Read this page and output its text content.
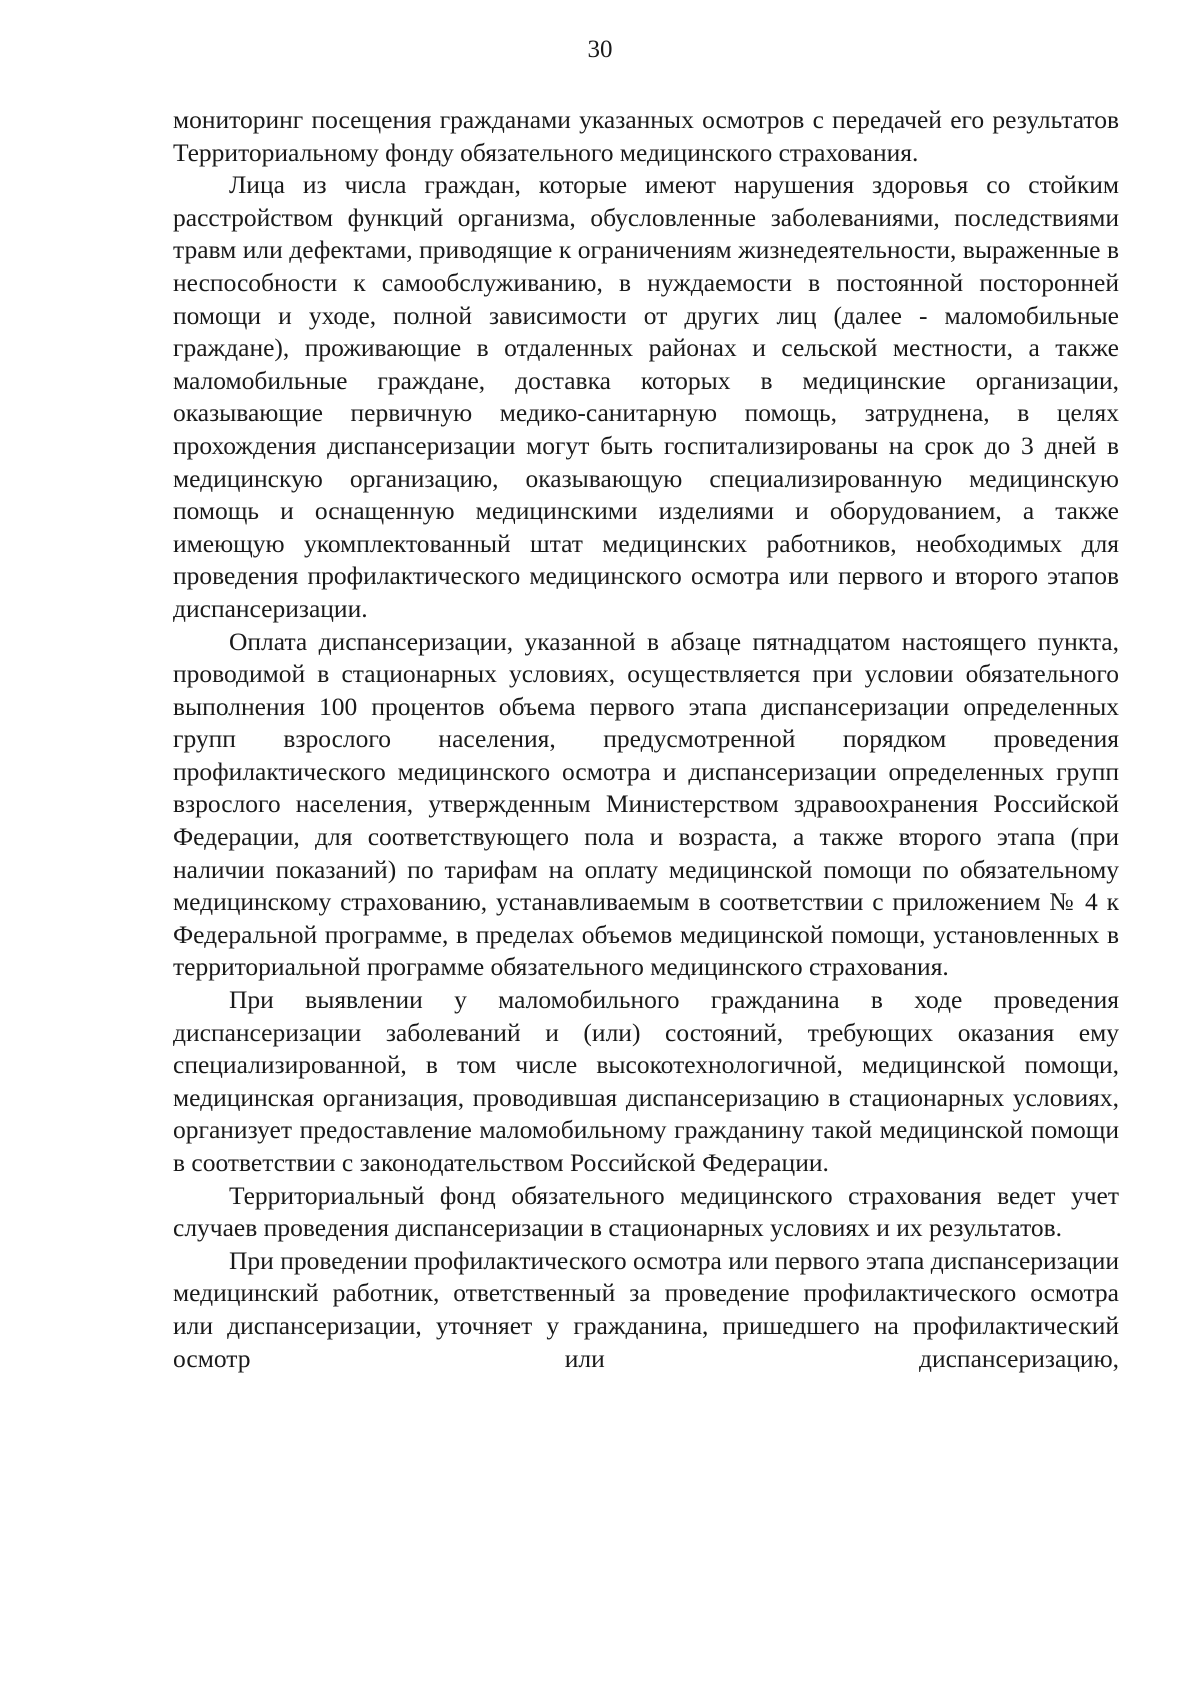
30

мониторинг посещения гражданами указанных осмотров с передачей его результатов Территориальному фонду обязательного медицинского страхования.

Лица из числа граждан, которые имеют нарушения здоровья со стойким расстройством функций организма, обусловленные заболеваниями, последствиями травм или дефектами, приводящие к ограничениям жизнедеятельности, выраженные в неспособности к самообслуживанию, в нуждаемости в постоянной посторонней помощи и уходе, полной зависимости от других лиц (далее - маломобильные граждане), проживающие в отдаленных районах и сельской местности, а также маломобильные граждане, доставка которых в медицинские организации, оказывающие первичную медико-санитарную помощь, затруднена, в целях прохождения диспансеризации могут быть госпитализированы на срок до 3 дней в медицинскую организацию, оказывающую специализированную медицинскую помощь и оснащенную медицинскими изделиями и оборудованием, а также имеющую укомплектованный штат медицинских работников, необходимых для проведения профилактического медицинского осмотра или первого и второго этапов диспансеризации.

Оплата диспансеризации, указанной в абзаце пятнадцатом настоящего пункта, проводимой в стационарных условиях, осуществляется при условии обязательного выполнения 100 процентов объема первого этапа диспансеризации определенных групп взрослого населения, предусмотренной порядком проведения профилактического медицинского осмотра и диспансеризации определенных групп взрослого населения, утвержденным Министерством здравоохранения Российской Федерации, для соответствующего пола и возраста, а также второго этапа (при наличии показаний) по тарифам на оплату медицинской помощи по обязательному медицинскому страхованию, устанавливаемым в соответствии с приложением № 4 к Федеральной программе, в пределах объемов медицинской помощи, установленных в территориальной программе обязательного медицинского страхования.

При выявлении у маломобильного гражданина в ходе проведения диспансеризации заболеваний и (или) состояний, требующих оказания ему специализированной, в том числе высокотехнологичной, медицинской помощи, медицинская организация, проводившая диспансеризацию в стационарных условиях, организует предоставление маломобильному гражданину такой медицинской помощи в соответствии с законодательством Российской Федерации.

Территориальный фонд обязательного медицинского страхования ведет учет случаев проведения диспансеризации в стационарных условиях и их результатов.

При проведении профилактического осмотра или первого этапа диспансеризации медицинский работник, ответственный за проведение профилактического осмотра или диспансеризации, уточняет у гражданина, пришедшего на профилактический осмотр или диспансеризацию,
